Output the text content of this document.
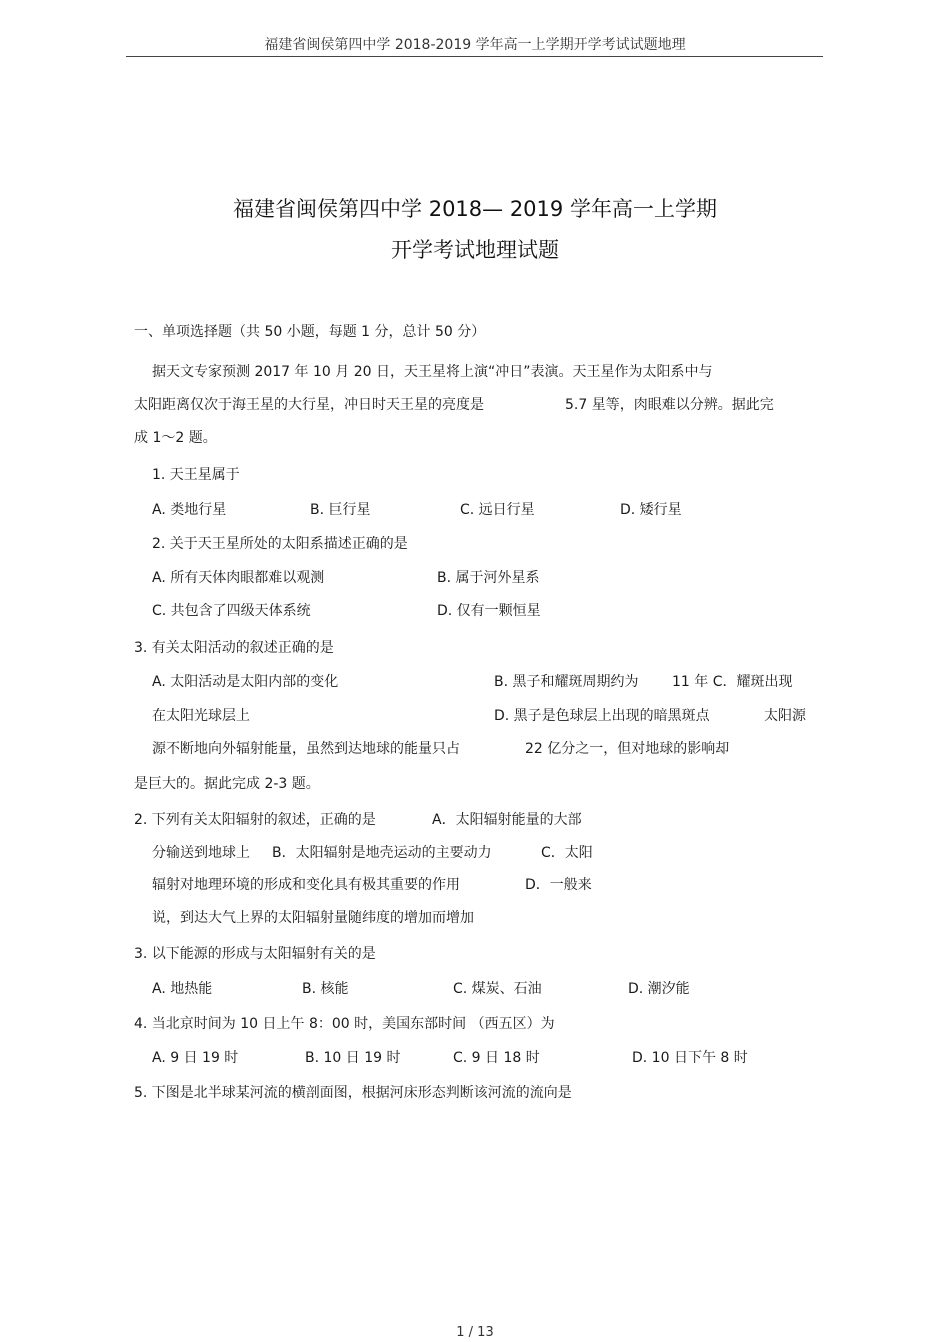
福建省闽侯第四中学 2018-2019 学年高一上学期开学考试试题地理
福建省闽侯第四中学 2018— 2019 学年高一上学期
开学考试地理试题
一、单项选择题（共 50 小题，每题 1 分，总计 50 分）
据天文专家预测 2017 年 10 月 20 日，天王星将上演“冲日”表演。天王星作为太阳系中与
太阳距离仅次于海王星的大行星，冲日时天王星的亮度是	5.7 星等，肉眼难以分辨。据此完
成 1～2 题。
1. 天王星属于
A. 类地行星	B. 巨行星	C. 远日行星	D. 矮行星
2. 关于天王星所处的太阳系描述正确的是
A. 所有天体肉眼都难以观测	B. 属于河外星系
C. 共包含了四级天体系统	D. 仅有一颗恒星
3. 有关太阳活动的叙述正确的是
A. 太阳活动是太阳内部的变化	B. 黑子和耀斑周期约为 11 年 C．耀斑出现
在太阳光球层上	D. 黑子是色球层上出现的暗黑斑点	太阳源
源不断地向外辐射能量，虽然到达地球的能量只占	22 亿分之一，但对地球的影响却
是巨大的。据此完成 2-3 题。
2. 下列有关太阳辐射的叙述，正确的是	A．太阳辐射能量的大部
分输送到地球上 B．太阳辐射是地壳运动的主要动力	C．太阳
辐射对地理环境的形成和变化具有极其重要的作用	D．一般来
说，到达大气上界的太阳辐射量随纬度的增加而增加
3. 以下能源的形成与太阳辐射有关的是
A. 地热能	B. 核能	C. 煤炭、石油	D. 潮汐能
4. 当北京时间为 10 日上午 8：00 时，美国东部时间 （西五区）为
A. 9 日 19 时	B. 10 日 19 时	C. 9 日 18 时	D. 10 日下午 8 时
5. 下图是北半球某河流的横剖面图，根据河床形态判断该河流的流向是
1 / 13
